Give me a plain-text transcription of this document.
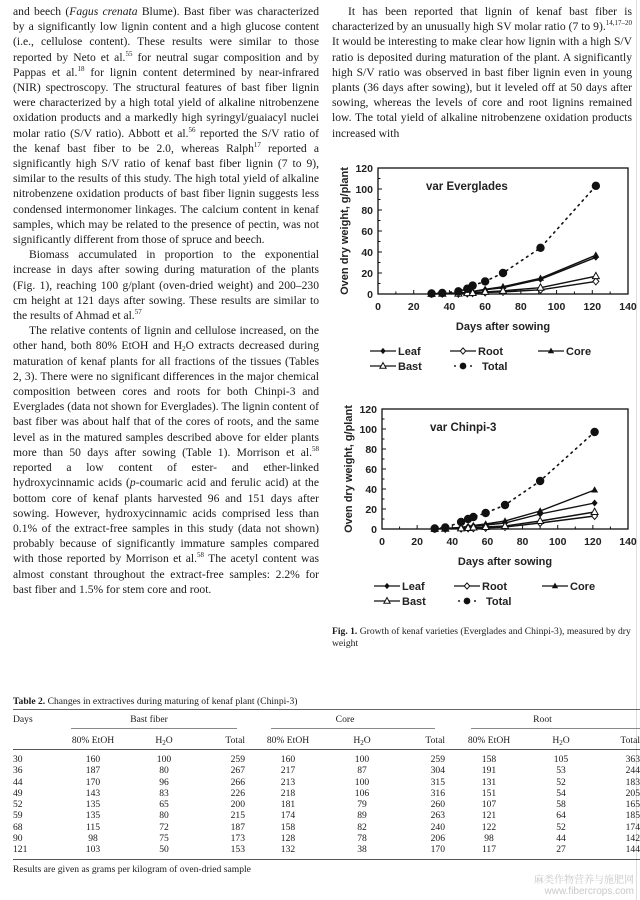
and beech (Fagus crenata Blume). Bast fiber was characterized by a significantly low lignin content and a high glucose content (i.e., cellulose content). These results were similar to those reported by Neto et al.$^{55}$ for neutral sugar composition and by Pappas et al.$^{18}$ for lignin content determined by near-infrared (NIR) spectroscopy. The structural features of bast fiber lignin were characterized by a high total yield of alkaline nitrobenzene oxidation products and a markedly high syringyl/guaiacyl nuclei molar ratio (S/V ratio). Abbott et al.$^{56}$ reported the S/V ratio of the kenaf bast fiber to be 2.0, whereas Ralph$^{17}$ reported a significantly high S/V ratio of kenaf bast fiber lignin (7 to 9), similar to the results of this study. The high total yield of alkaline nitrobenzene oxidation products of bast fiber lignin suggests less condensed intermonomer linkages. The calcium content in kenaf samples, which may be related to the presence of pectin, was not significantly different from those of spruce and beech.

Biomass accumulated in proportion to the exponential increase in days after sowing during maturation of the plants (Fig. 1), reaching 100 g/plant (oven-dried weight) and 200–230 cm height at 121 days after sowing. These results are similar to the results of Ahmad et al.$^{57}$

The relative contents of lignin and cellulose increased, on the other hand, both 80% EtOH and $H_2O$ extracts decreased during maturation of kenaf plants for all fractions of the tissues (Tables 2, 3). There were no significant differences in the major chemical composition between cores and roots for both Chinpi-3 and Everglades (data not shown for Everglades). The lignin content of bast fiber was about half that of the cores of roots, and the same level as in the matured samples described above for elder plants more than 50 days after sowing (Table 1). Morrison et al.$^{58}$ reported a low content of ester- and ether-linked hydroxycinnamic acids (p-coumaric acid and ferulic acid) at the bottom core of kenaf plants harvested 96 and 151 days after sowing. However, hydroxycinnamic acids comprised less than 0.1% of the extract-free samples in this study (data not shown) probably because of significantly immature samples compared with those reported by Morrison et al.$^{58}$ The acetyl content was almost constant throughout the extract-free samples: 2.2% for bast fiber and 1.5% for stem core and root.

It has been reported that lignin of kenaf bast fiber is characterized by an unusually high SV molar ratio (7 to 9).$^{14,17-20}$ It would be interesting to make clear how lignin with a high S/V ratio is deposited during maturation of the plant. A significantly high S/V ratio was observed in bast fiber lignin even in young plants (36 days after sowing), but it leveled off at 50 days after sowing, whereas the levels of core and root lignins remained low. The total yield of alkaline nitrobenzene oxidation products increased with

0
20
40
60
80
100
120
0	20 40 60 80 100 120 140
Days after sowing
Oven dry weight, g/plant	var Everglades
Leaf	Root	Core
Bast	Total
0
20
40
60
80
100
120
0	20 40 60 80 100 120 140
Days after sowing
Oven dry weight, g/plant	var Chinpi-3
Leaf	Root	Core
Bast	Total
Fig. 1. Growth of kenaf varieties (Everglades and Chinpi-3), measured by dry weight
Table 2. Changes in extractives during maturing of kenaf plant (Chinpi-3)
Days	Bast fiber			Core			Root		

	80% EtOH	$H_2O$	Total	80% EtOH	$H_2O$	Total	80% EtOH	$H_2O$	Total
30	160	100	259	160	100	259	158	105	363
36	187	80	267	217	87	304	191	53	244
44	170	96	266	213	100	315	131	52	183
49	143	83	226	218	106	316	151	54	205
52	135	65	200	181	79	260	107	58	165
59	135	80	215	174	89	263	121	64	185
68	115	72	187	158	82	240	122	52	174
90	98	75	173	128	78	206	98	44	142
121	103	50	153	132	38	170	117	27	144
Results are given as grams per kilogram of oven-dried sample
麻类作物营养与施肥网
www.fibercrops.com
